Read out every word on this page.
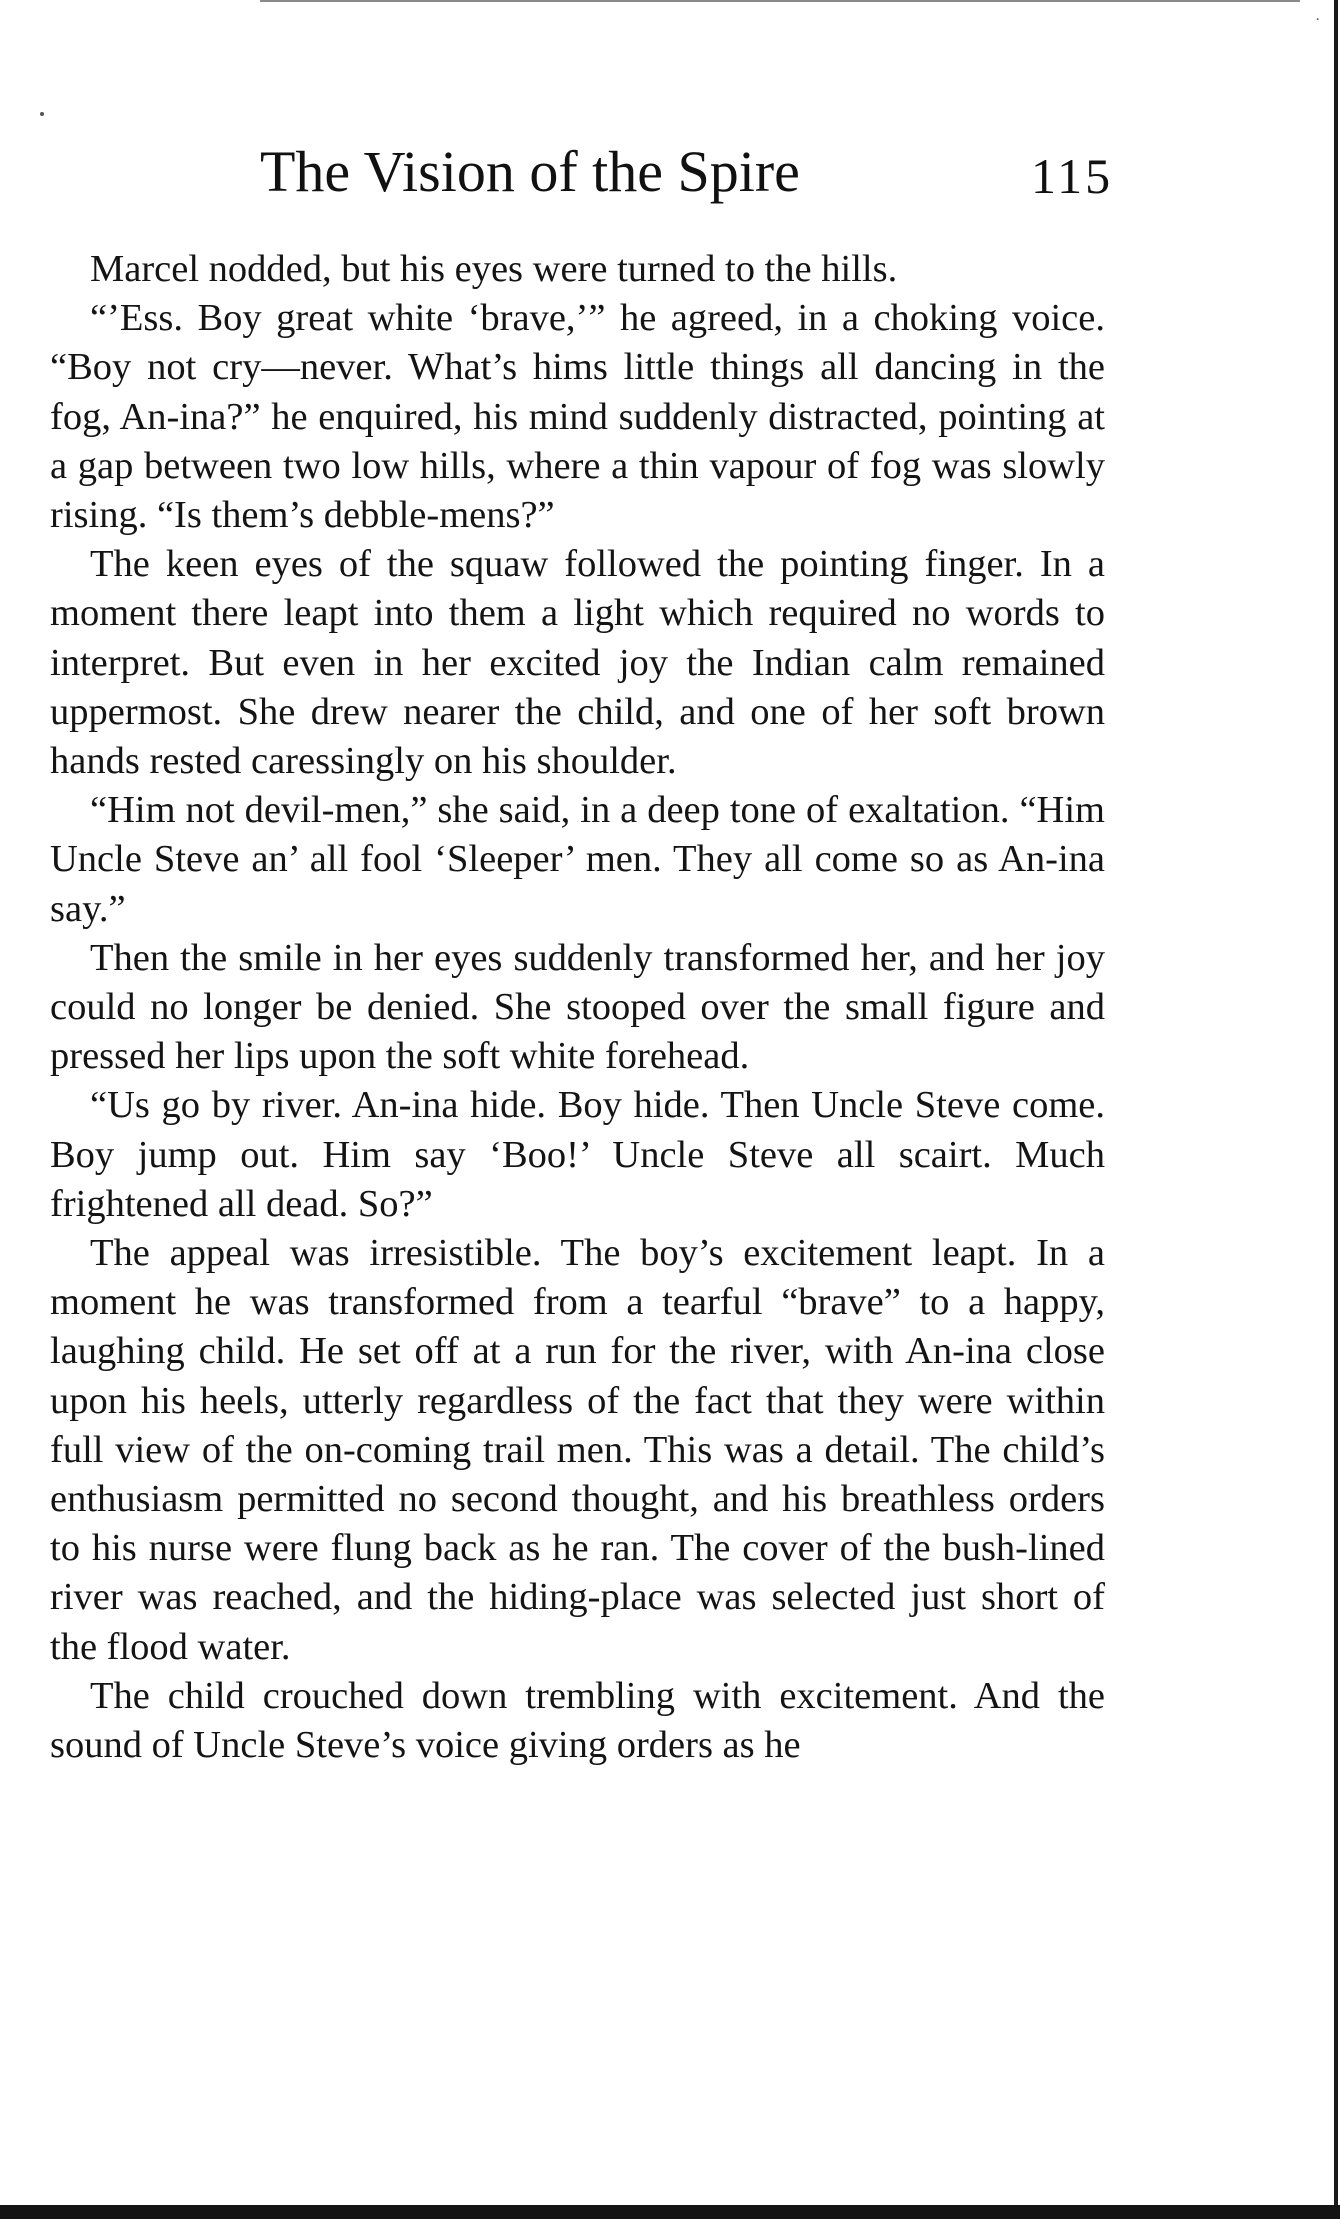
·
The Vision of the Spire	115

Marcel nodded, but his eyes were turned to the hills.

“’Ess. Boy great white ‘brave,’” he agreed, in a choking voice. “Boy not cry—never. What’s hims little things all dancing in the fog, An-ina?” he enquired, his mind suddenly distracted, pointing at a gap between two low hills, where a thin vapour of fog was slowly rising. “Is them’s debble-mens?”

The keen eyes of the squaw followed the pointing finger. In a moment there leapt into them a light which required no words to interpret. But even in her excited joy the Indian calm remained uppermost. She drew nearer the child, and one of her soft brown hands rested caressingly on his shoulder.

“Him not devil-men,” she said, in a deep tone of exaltation. “Him Uncle Steve an’ all fool ‘Sleeper’ men. They all come so as An-ina say.”

Then the smile in her eyes suddenly transformed her, and her joy could no longer be denied. She stooped over the small figure and pressed her lips upon the soft white forehead.

“Us go by river. An-ina hide. Boy hide. Then Uncle Steve come. Boy jump out. Him say ‘Boo!’ Uncle Steve all scairt. Much frightened all dead. So?”

The appeal was irresistible. The boy’s excitement leapt. In a moment he was transformed from a tearful “brave” to a happy, laughing child. He set off at a run for the river, with An-ina close upon his heels, utterly regardless of the fact that they were within full view of the on-coming trail men. This was a detail. The child’s enthusiasm permitted no second thought, and his breathless orders to his nurse were flung back as he ran. The cover of the bush-lined river was reached, and the hiding-place was selected just short of the flood water.

The child crouched down trembling with excitement. And the sound of Uncle Steve’s voice giving orders as he
